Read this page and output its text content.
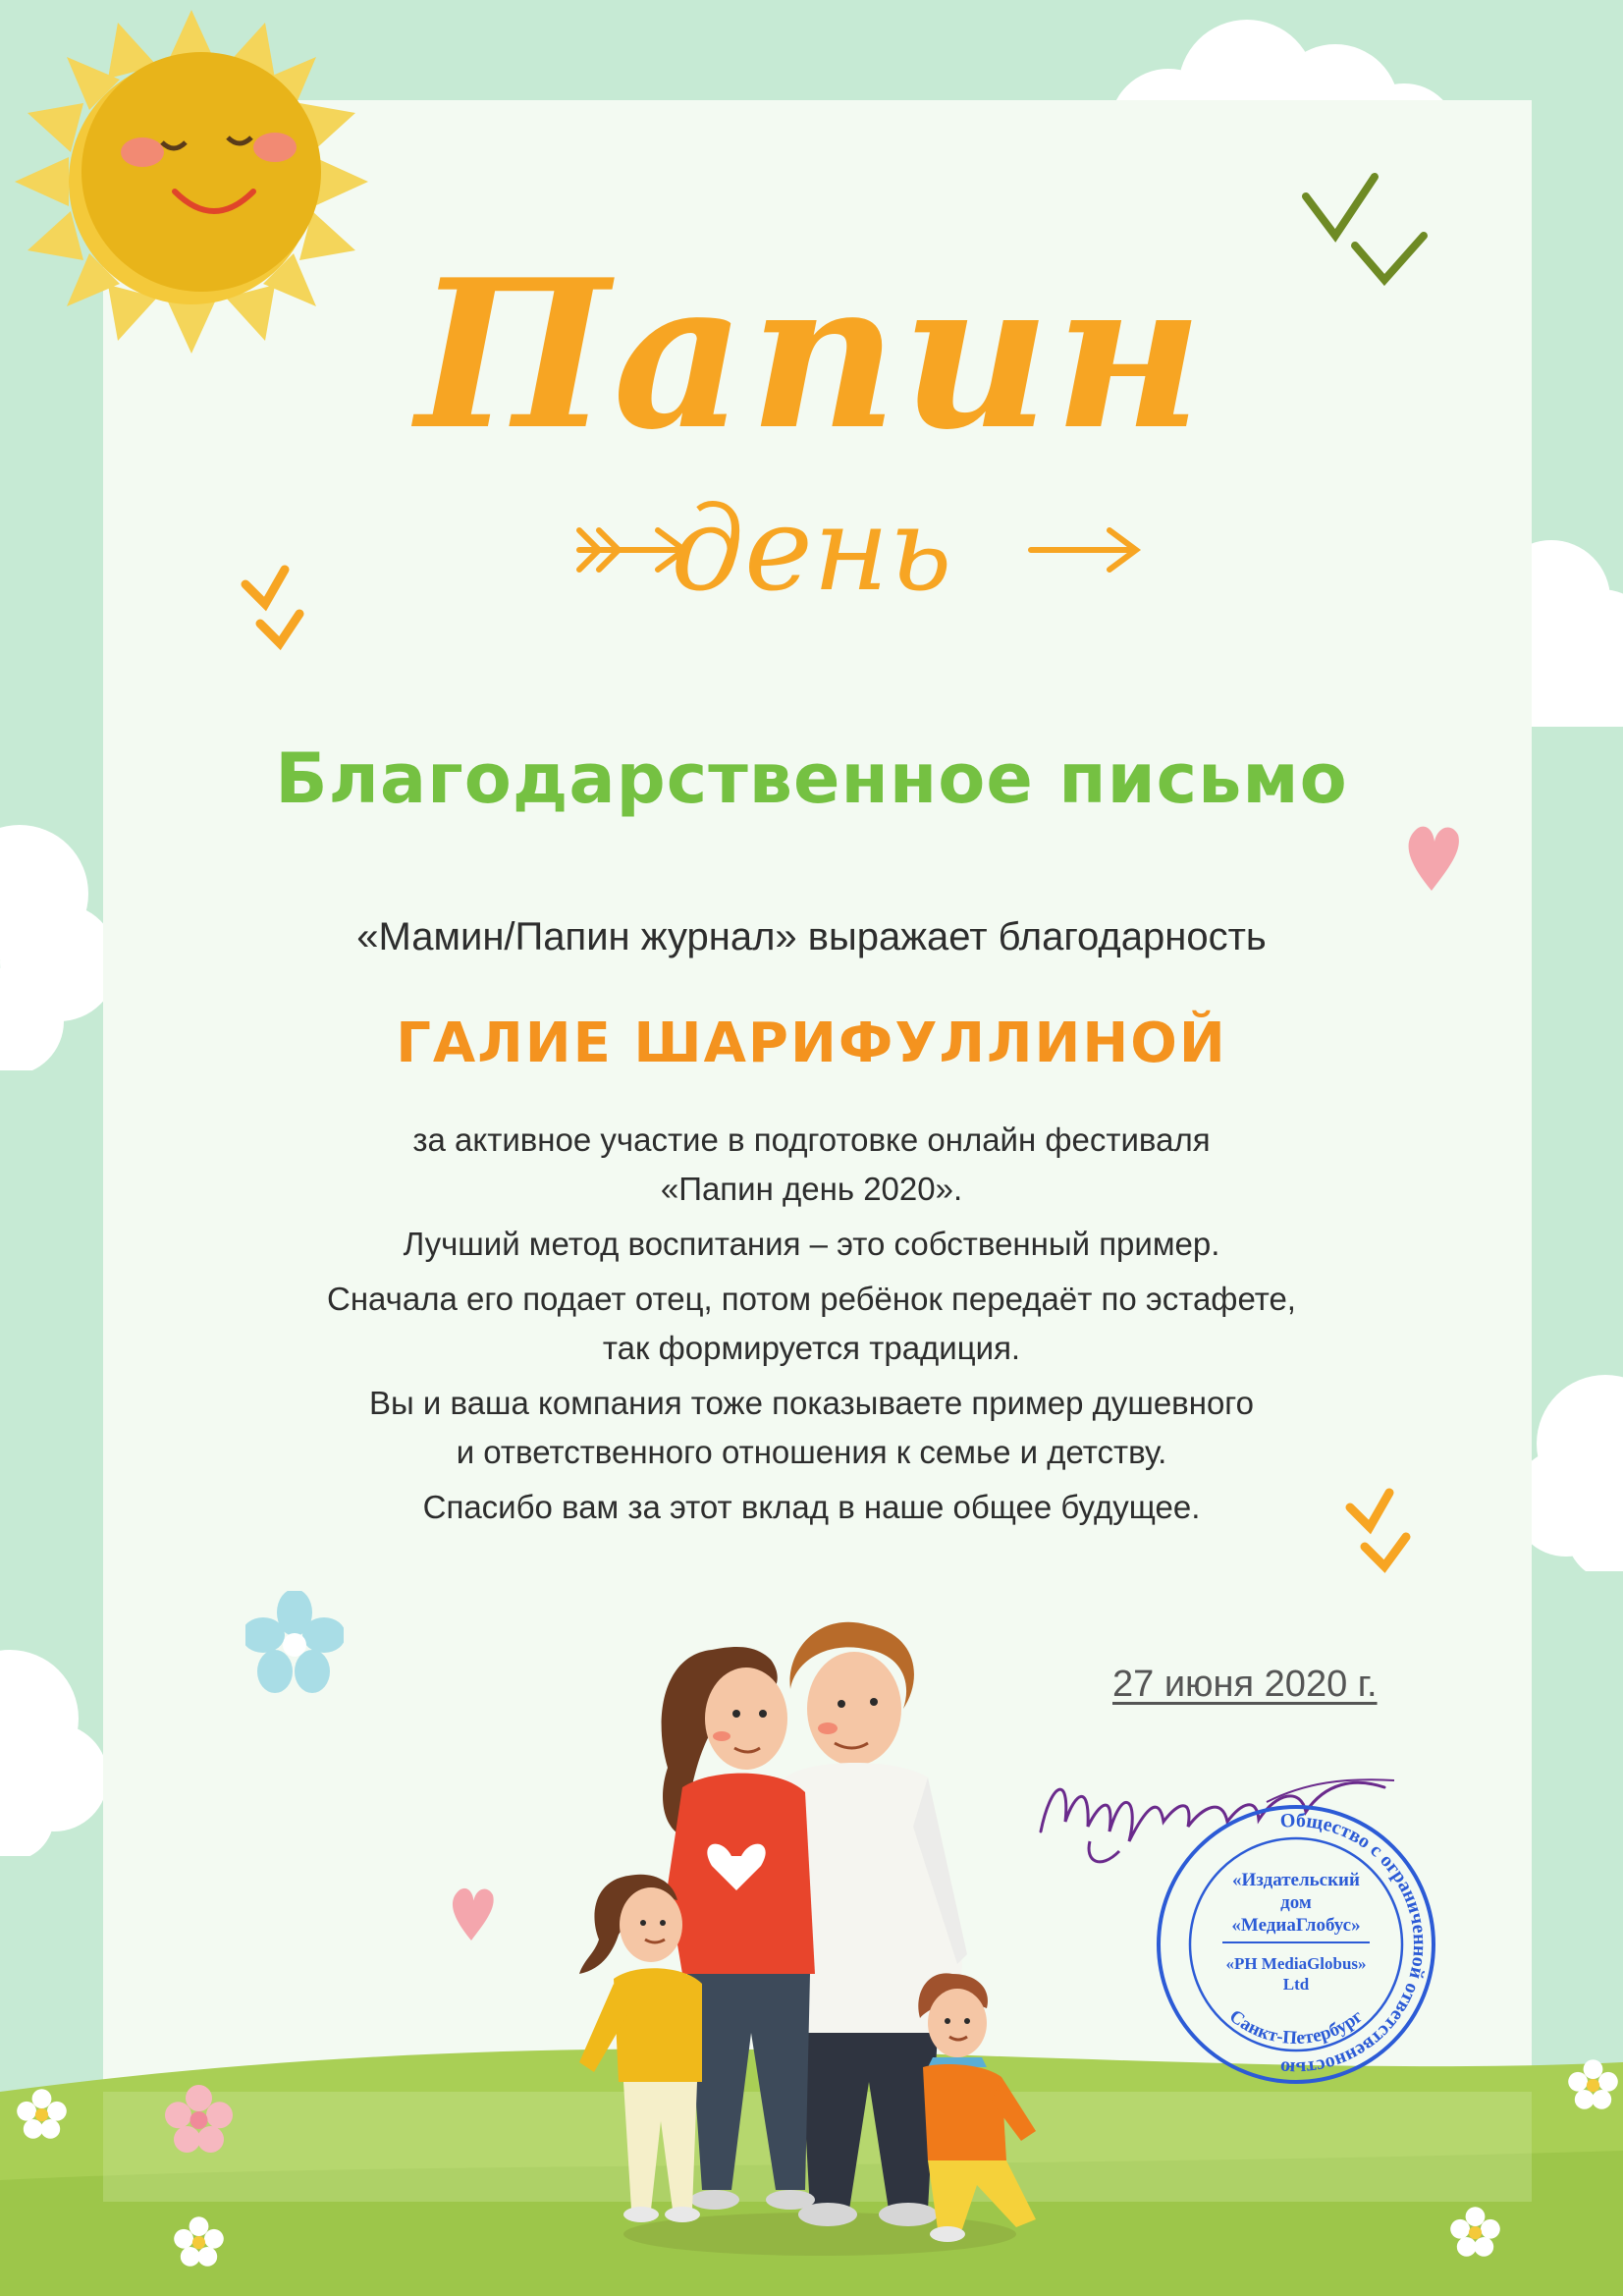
Папин
день
Благодарственное письмо
«Мамин/Папин журнал» выражает благодарность
ГАЛИЕ ШАРИФУЛЛИНОЙ
за активное участие в подготовке онлайн фестиваля
«Папин день 2020».
Лучший метод воспитания – это собственный пример.
Сначала его подает отец, потом ребёнок передаёт по эстафете,
так формируется традиция.
Вы и ваша компания тоже показываете пример душевного
и ответственного отношения к семье и детству.
Спасибо вам за этот вклад в наше общее будущее.
27 июня 2020 г.
Общество с ограниченной ответственностью
«Издательский
дом
«МедиаГлобус»
«PH MediaGlobus»
Ltd
Санкт-Петербург
